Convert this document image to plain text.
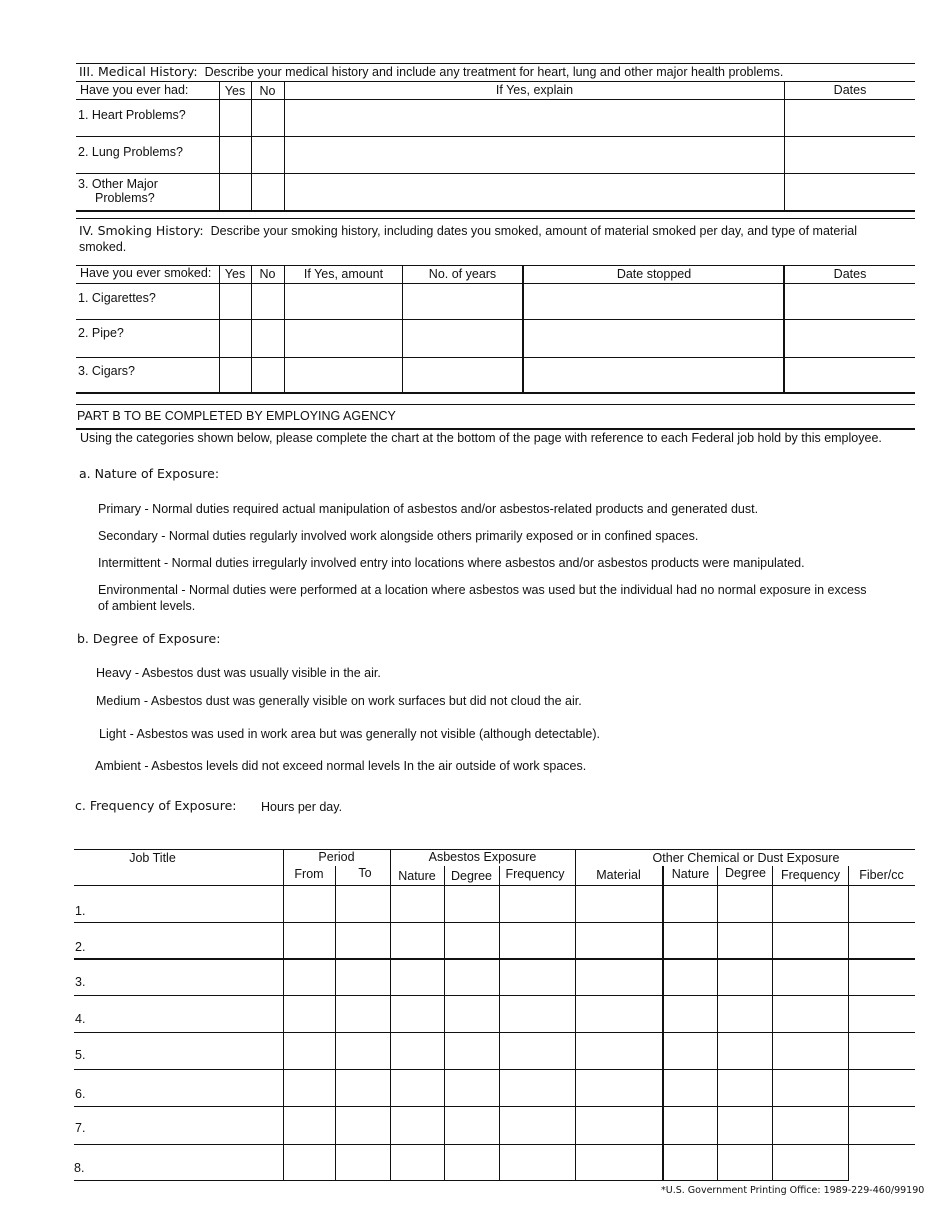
III. Medical History: Describe your medical history and include any treatment for heart, lung and other major health problems.
Have you ever had:	Yes	No	If Yes, explain	Dates
1. Heart Problems?
2. Lung Problems?
3. Other Major
Problems?
IV. Smoking History: Describe your smoking history, including dates you smoked, amount of material smoked per day, and type of material
smoked.
Have you ever smoked:	Yes	No	If Yes, amount	No. of years	Date stopped	Dates
1. Cigarettes?
2. Pipe?
3. Cigars?
PART B TO BE COMPLETED BY EMPLOYING AGENCY
Using the categories shown below, please complete the chart at the bottom of the page with reference to each Federal job hold by this employee.
a. Nature of Exposure:
Primary - Normal duties required actual manipulation of asbestos and/or asbestos-related products and generated dust.
Secondary - Normal duties regularly involved work alongside others primarily exposed or in confined spaces.
Intermittent - Normal duties irregularly involved entry into locations where asbestos and/or asbestos products were manipulated.
Environmental - Normal duties were performed at a location where asbestos was used but the individual had no normal exposure in excess
of ambient levels.
b. Degree of Exposure:
Heavy - Asbestos dust was usually visible in the air.
Medium - Asbestos dust was generally visible on work surfaces but did not cloud the air.
Light - Asbestos was used in work area but was generally not visible (although detectable).
Ambient - Asbestos levels did not exceed normal levels In the air outside of work spaces.
c. Frequency of Exposure: Hours per day.
Job Title	Period
From	To
Asbestos Exposure
Nature	Degree	Frequency
Other Chemical or Dust Exposure
Material	Nature	Degree	Frequency	Fiber/cc
1.
2.
3.
4.
5.
6.
7.
8.
*U.S. Government Printing Office: 1989-229-460/99190
